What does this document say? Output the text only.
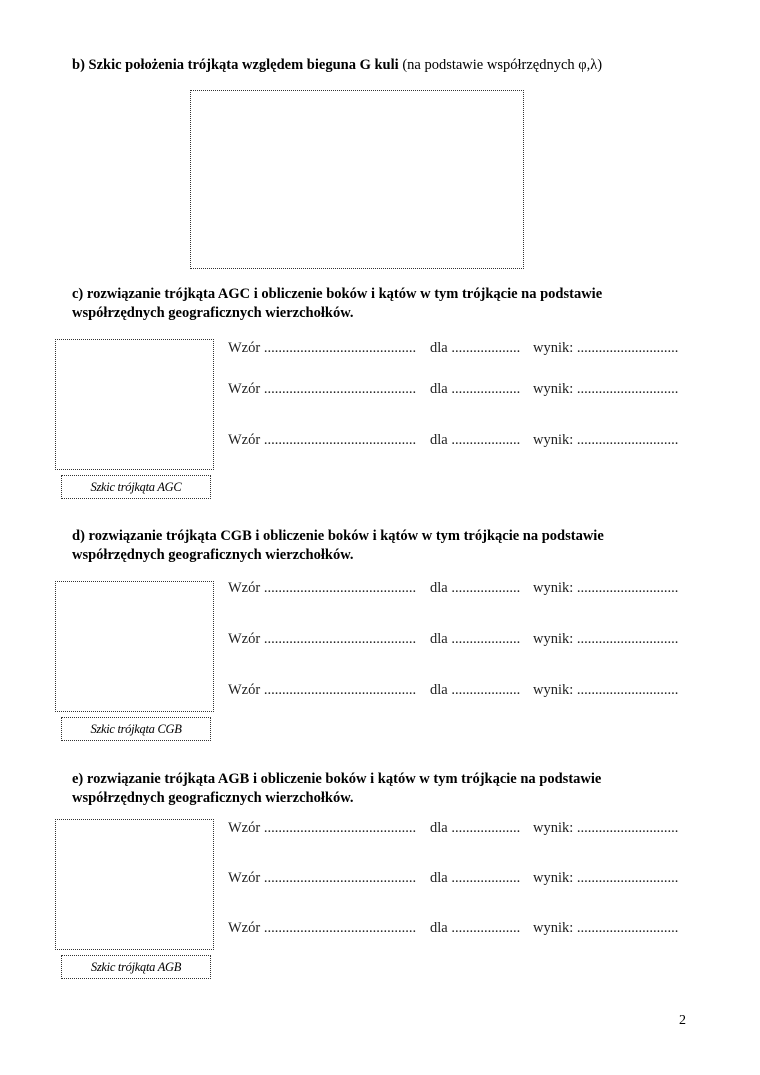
b) Szkic położenia trójkąta względem bieguna G kuli (na podstawie współrzędnych φ,λ)
c) rozwiązanie trójkąta AGC i obliczenie boków i kątów w tym trójkącie na podstawie
współrzędnych geograficznych wierzchołków.
Szkic trójkąta AGC
Wzór .......................................... dla ................... wynik: ............................
Wzór .......................................... dla ................... wynik: ............................
Wzór .......................................... dla ................... wynik: ............................
d) rozwiązanie trójkąta CGB i obliczenie boków i kątów w tym trójkącie na podstawie
współrzędnych geograficznych wierzchołków.
Szkic trójkąta CGB
Wzór .......................................... dla ................... wynik: ............................
Wzór .......................................... dla ................... wynik: ............................
Wzór .......................................... dla ................... wynik: ............................
e) rozwiązanie trójkąta AGB i obliczenie boków i kątów w tym trójkącie na podstawie
współrzędnych geograficznych wierzchołków.
Szkic trójkąta AGB
Wzór .......................................... dla ................... wynik: ............................
Wzór .......................................... dla ................... wynik: ............................
Wzór .......................................... dla ................... wynik: ............................
2
